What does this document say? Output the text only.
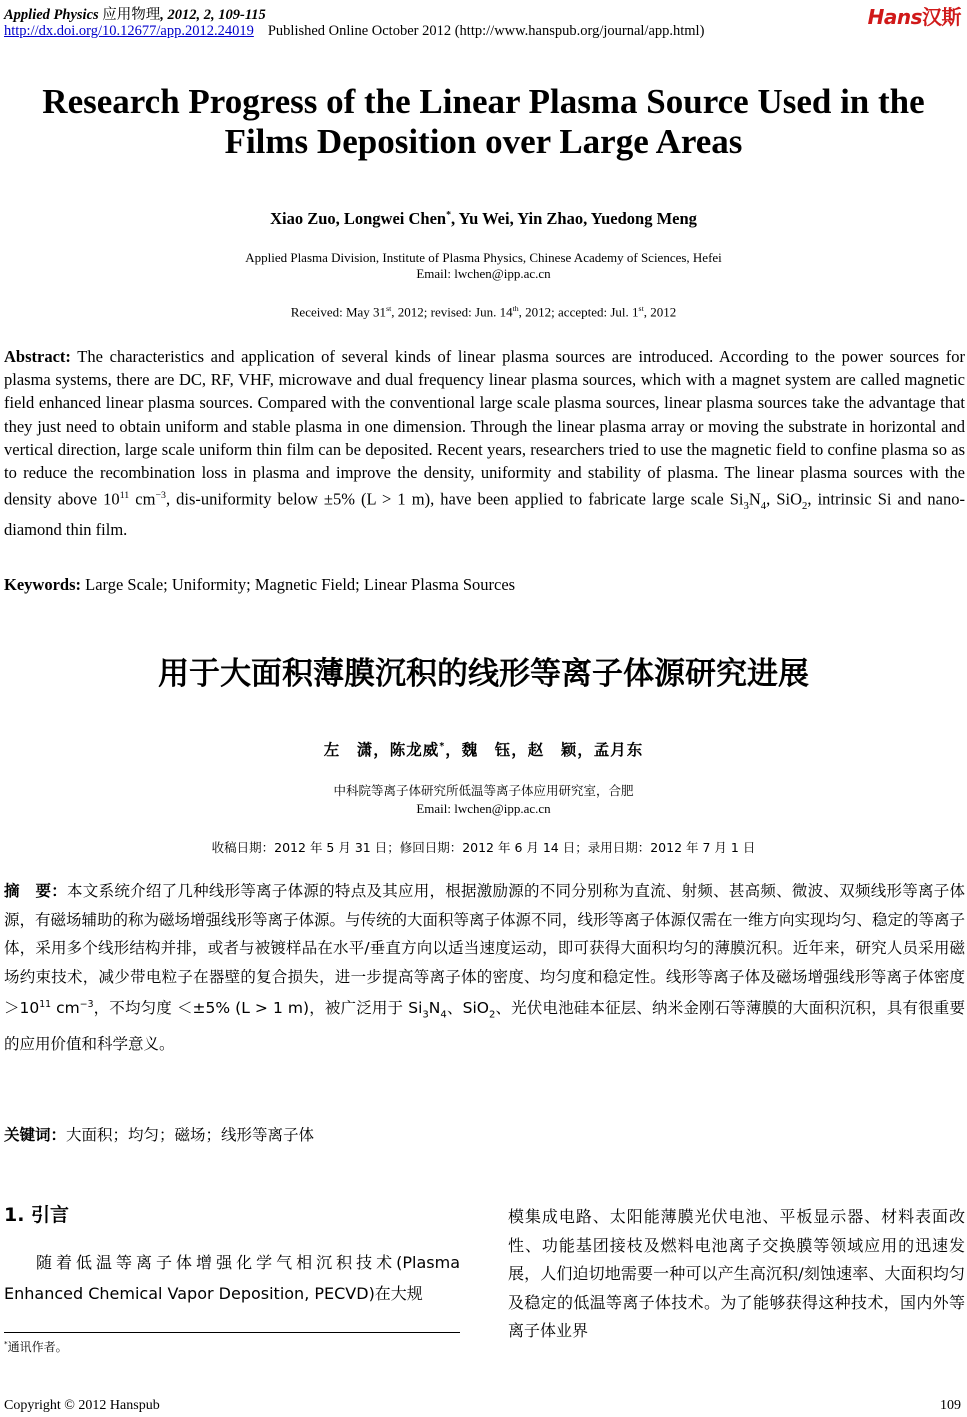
Applied Physics 应用物理, 2012, 2, 109-115
http://dx.doi.org/10.12677/app.2012.24019 Published Online October 2012 (http://www.hanspub.org/journal/app.html)
Hans汉斯
Research Progress of the Linear Plasma Source Used in the Films Deposition over Large Areas
Xiao Zuo, Longwei Chen*, Yu Wei, Yin Zhao, Yuedong Meng
Applied Plasma Division, Institute of Plasma Physics, Chinese Academy of Sciences, Hefei
Email: lwchen@ipp.ac.cn
Received: May 31st, 2012; revised: Jun. 14th, 2012; accepted: Jul. 1st, 2012
Abstract: The characteristics and application of several kinds of linear plasma sources are introduced. According to the power sources for plasma systems, there are DC, RF, VHF, microwave and dual frequency linear plasma sources, which with a magnet system are called magnetic field enhanced linear plasma sources. Compared with the conventional large scale plasma sources, linear plasma sources take the advantage that they just need to obtain uniform and stable plasma in one dimension. Through the linear plasma array or moving the substrate in horizontal and vertical direction, large scale uniform thin film can be deposited. Recent years, researchers tried to use the magnetic field to confine plasma so as to reduce the recombination loss in plasma and improve the density, uniformity and stability of plasma. The linear plasma sources with the density above $10^{11}$ $cm^{-3}$, dis-uniformity below ±5% (L > 1 m), have been applied to fabricate large scale $Si_3N_4$, SiO$_2$, intrinsic Si and nano-diamond thin film.
Keywords: Large Scale; Uniformity; Magnetic Field; Linear Plasma Sources
用于大面积薄膜沉积的线形等离子体源研究进展
左　潇，陈龙威*，魏　钰，赵　颖，孟月东
中科院等离子体研究所低温等离子体应用研究室，合肥
Email: lwchen@ipp.ac.cn
收稿日期：2012 年 5 月 31 日；修回日期：2012 年 6 月 14 日；录用日期：2012 年 7 月 1 日
摘　要：本文系统介绍了几种线形等离子体源的特点及其应用，根据激励源的不同分别称为直流、射频、甚高频、微波、双频线形等离子体源，有磁场辅助的称为磁场增强线形等离子体源。与传统的大面积等离子体源不同，线形等离子体源仅需在一维方向实现均匀、稳定的等离子体，采用多个线形结构并排，或者与被镀样品在水平/垂直方向以适当速度运动，即可获得大面积均匀的薄膜沉积。近年来，研究人员采用磁场约束技术，减少带电粒子在器壁的复合损失，进一步提高等离子体的密度、均匀度和稳定性。线形等离子体及磁场增强线形等离子体密度 $>10^{11}$ $cm^{-3}$，不均匀度 ＜±5% (L > 1 m)，被广泛用于 $Si_3N_4$、SiO$_2$、光伏电池硅本征层、纳米金刚石等薄膜的大面积沉积，具有很重要的应用价值和科学意义。
关键词：大面积；均匀；磁场；线形等离子体
1. 引言
随着低温等离子体增强化学气相沉积技术(Plasma Enhanced Chemical Vapor Deposition, PECVD)在大规
模集成电路、太阳能薄膜光伏电池、平板显示器、材料表面改性、功能基团接枝及燃料电池离子交换膜等领域应用的迅速发展，人们迫切地需要一种可以产生高沉积/刻蚀速率、大面积均匀及稳定的低温等离子体技术。为了能够获得这种技术，国内外等离子体业界
*通讯作者。
Copyright © 2012 Hanspub	109
